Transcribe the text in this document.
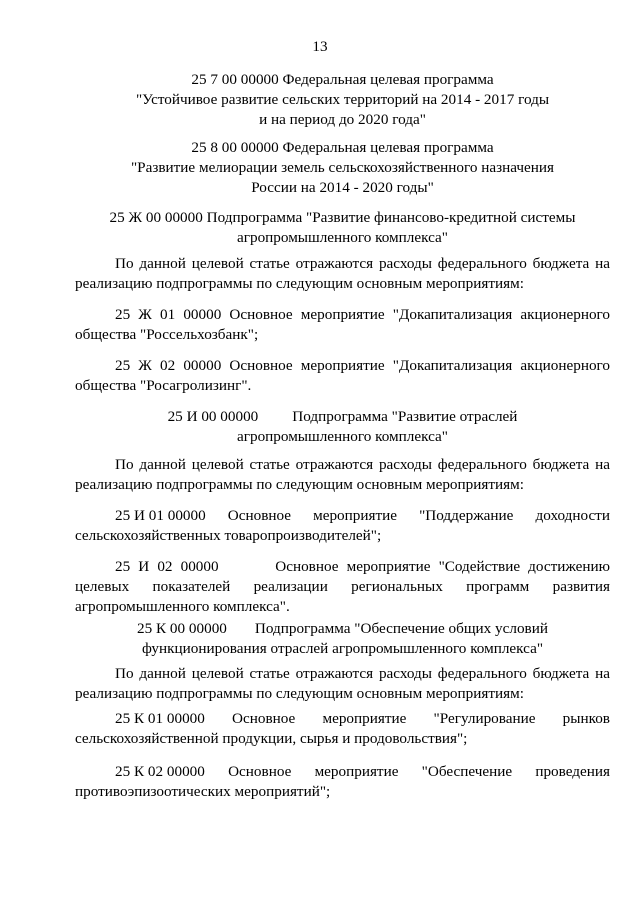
13
25 7 00 00000 Федеральная целевая программа
"Устойчивое развитие сельских территорий на 2014 - 2017 годы
и на период до 2020 года"
25 8 00 00000 Федеральная целевая программа
"Развитие мелиорации земель сельскохозяйственного назначения
России на 2014 - 2020 годы"
25 Ж 00 00000 Подпрограмма "Развитие финансово-кредитной системы
агропромышленного комплекса"
По данной целевой статье отражаются расходы федерального бюджета на реализацию подпрограммы по следующим основным мероприятиям:
25 Ж 01 00000 Основное мероприятие "Докапитализация акционерного общества "Россельхозбанк";
25 Ж 02 00000 Основное мероприятие "Докапитализация акционерного общества "Росагролизинг".
25 И 00 00000 Подпрограмма "Развитие отраслей
агропромышленного комплекса"
По данной целевой статье отражаются расходы федерального бюджета на реализацию подпрограммы по следующим основным мероприятиям:
25 И 01 00000 Основное мероприятие "Поддержание доходности
сельскохозяйственных товаропроизводителей";
25 И 02 00000       Основное мероприятие "Содействие достижению целевых показателей реализации региональных программ развития агропромышленного комплекса".
25 К 00 00000 Подпрограмма "Обеспечение общих условий
функционирования отраслей агропромышленного комплекса"
По данной целевой статье отражаются расходы федерального бюджета на реализацию подпрограммы по следующим основным мероприятиям:
25 К 01 00000 Основное мероприятие "Регулирование рынков
сельскохозяйственной продукции, сырья и продовольствия";
25 К 02 00000 Основное мероприятие "Обеспечение проведения
противоэпизоотических мероприятий";
